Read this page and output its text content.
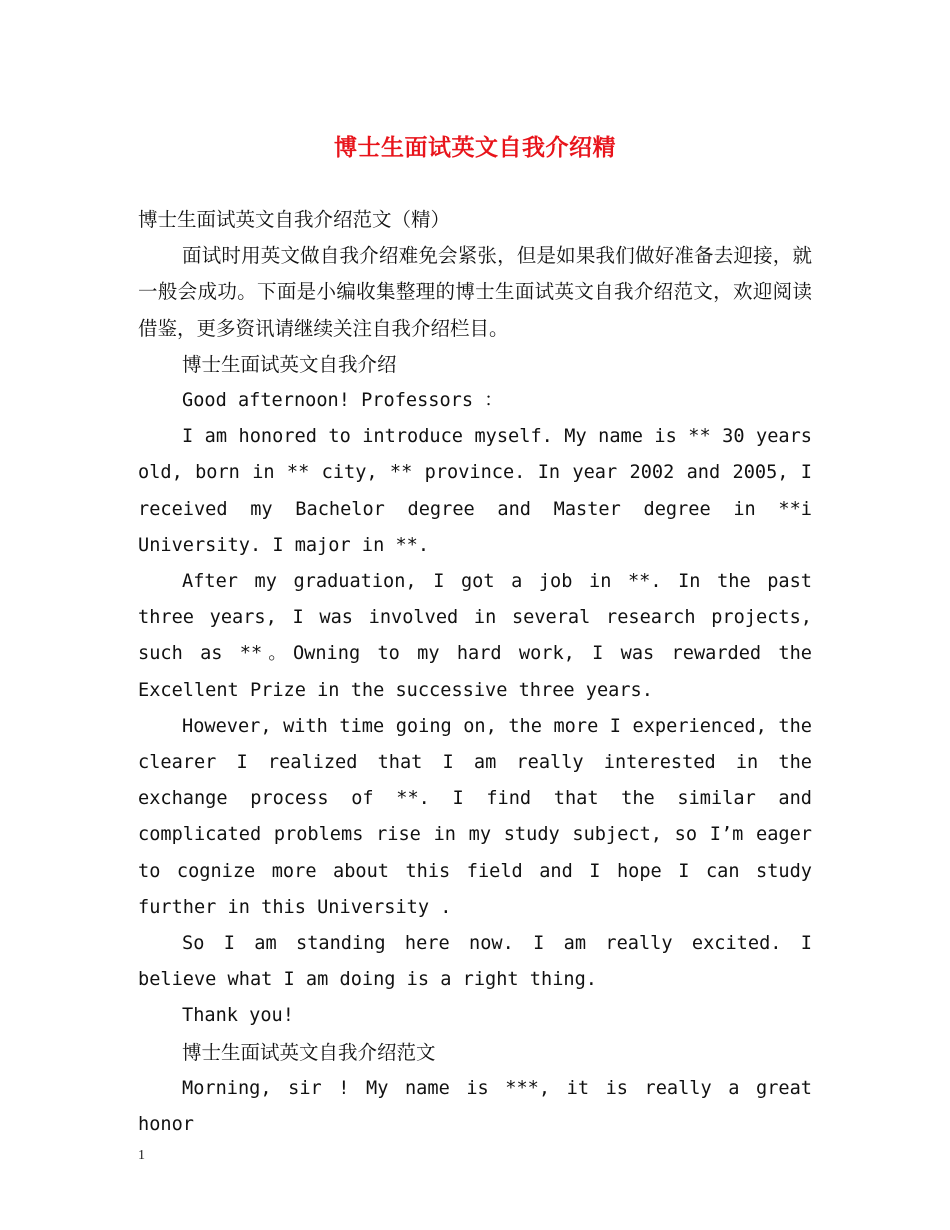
博士生面试英文自我介绍精

博士生面试英文自我介绍范文（精）

面试时用英文做自我介绍难免会紧张，但是如果我们做好准备去迎接，就一般会成功。下面是小编收集整理的博士生面试英文自我介绍范文，欢迎阅读借鉴，更多资讯请继续关注自我介绍栏目。

博士生面试英文自我介绍

Good afternoon! Professors ：

I am honored to introduce myself. My name is ** 30 years old, born in ** city, ** province. In year 2002 and 2005, I received my Bachelor degree and Master degree in **i University. I major in **.

After my graduation, I got a job in **. In the past three years, I was involved in several research projects, such as **。Owning to my hard work, I was rewarded the Excellent Prize in the successive three years.

However, with time going on, the more I experienced, the clearer I realized that I am really interested in the exchange process of **. I find that the similar and complicated problems rise in my study subject, so I’m eager to cognize more about this field and I hope I can study further in this University .

So I am standing here now. I am really excited. I believe what I am doing is a right thing.

Thank you!

博士生面试英文自我介绍范文

Morning, sir ! My name is ***, it is really a great honor

1
